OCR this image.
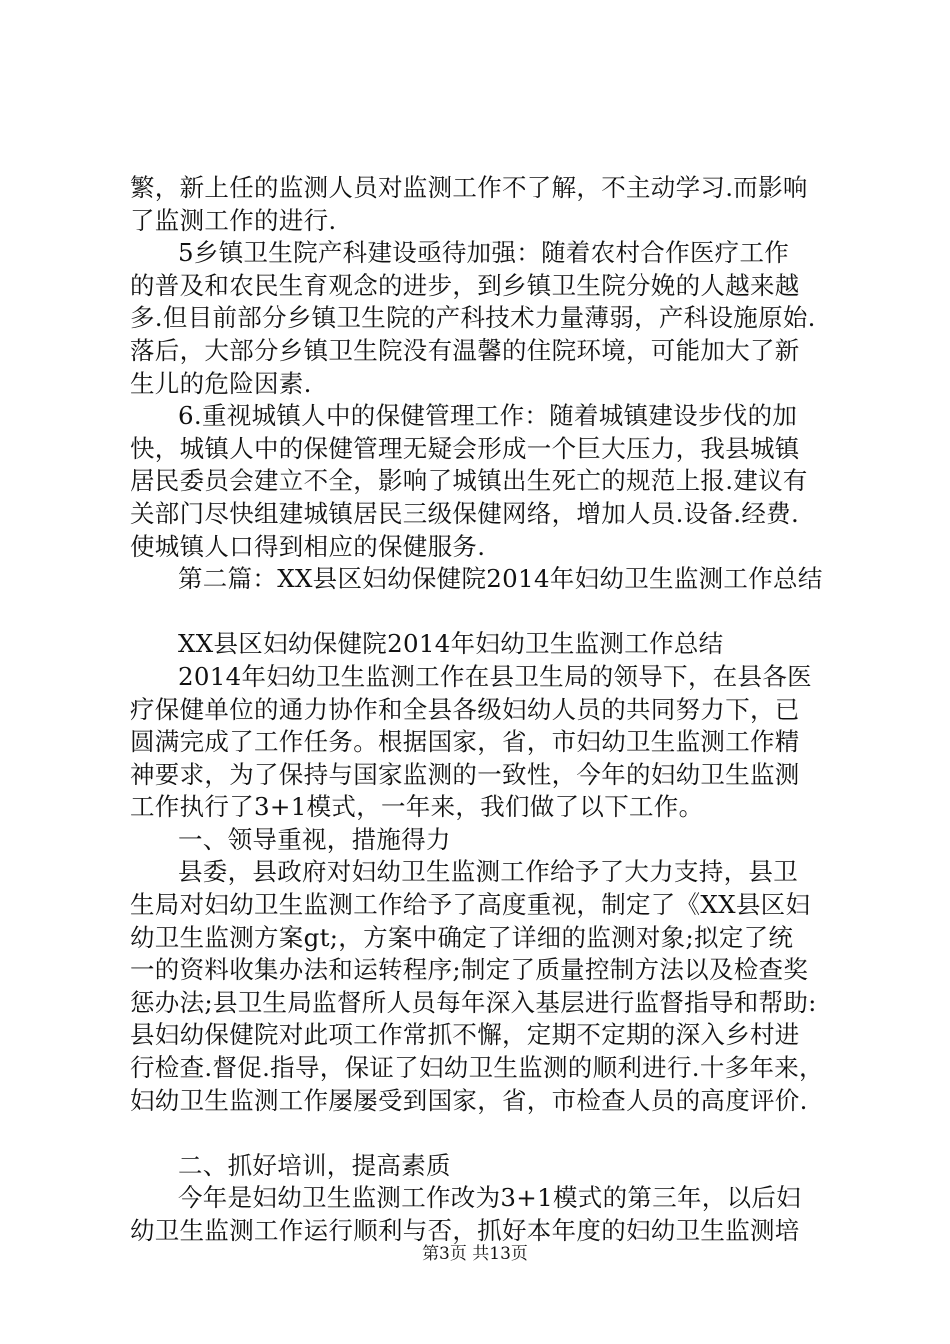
繁，新上任的监测人员对监测工作不了解，不主动学习.而影响
了监测工作的进行.
5乡镇卫生院产科建设亟待加强：随着农村合作医疗工作
的普及和农民生育观念的进步，到乡镇卫生院分娩的人越来越
多.但目前部分乡镇卫生院的产科技术力量薄弱，产科设施原始.
落后，大部分乡镇卫生院没有温馨的住院环境，可能加大了新
生儿的危险因素.
6.重视城镇人中的保健管理工作：随着城镇建设步伐的加
快，城镇人中的保健管理无疑会形成一个巨大压力，我县城镇
居民委员会建立不全，影响了城镇出生死亡的规范上报.建议有
关部门尽快组建城镇居民三级保健网络，增加人员.设备.经费.
使城镇人口得到相应的保健服务.
第二篇：XX县区妇幼保健院2014年妇幼卫生监测工作总结
XX县区妇幼保健院2014年妇幼卫生监测工作总结
2014年妇幼卫生监测工作在县卫生局的领导下，在县各医
疗保健单位的通力协作和全县各级妇幼人员的共同努力下，已
圆满完成了工作任务。根据国家，省，市妇幼卫生监测工作精
神要求，为了保持与国家监测的一致性，今年的妇幼卫生监测
工作执行了3+1模式，一年来，我们做了以下工作。
一、领导重视，措施得力
县委，县政府对妇幼卫生监测工作给予了大力支持，县卫
生局对妇幼卫生监测工作给予了高度重视，制定了《XX县区妇
幼卫生监测方案gt;，方案中确定了详细的监测对象;拟定了统
一的资料收集办法和运转程序;制定了质量控制方法以及检查奖
惩办法;县卫生局监督所人员每年深入基层进行监督指导和帮助:
县妇幼保健院对此项工作常抓不懈，定期不定期的深入乡村进
行检查.督促.指导，保证了妇幼卫生监测的顺利进行.十多年来，
妇幼卫生监测工作屡屡受到国家，省，市检查人员的高度评价.
二、抓好培训，提高素质
今年是妇幼卫生监测工作改为3+1模式的第三年，以后妇
幼卫生监测工作运行顺利与否，抓好本年度的妇幼卫生监测培
第3页 共13页
